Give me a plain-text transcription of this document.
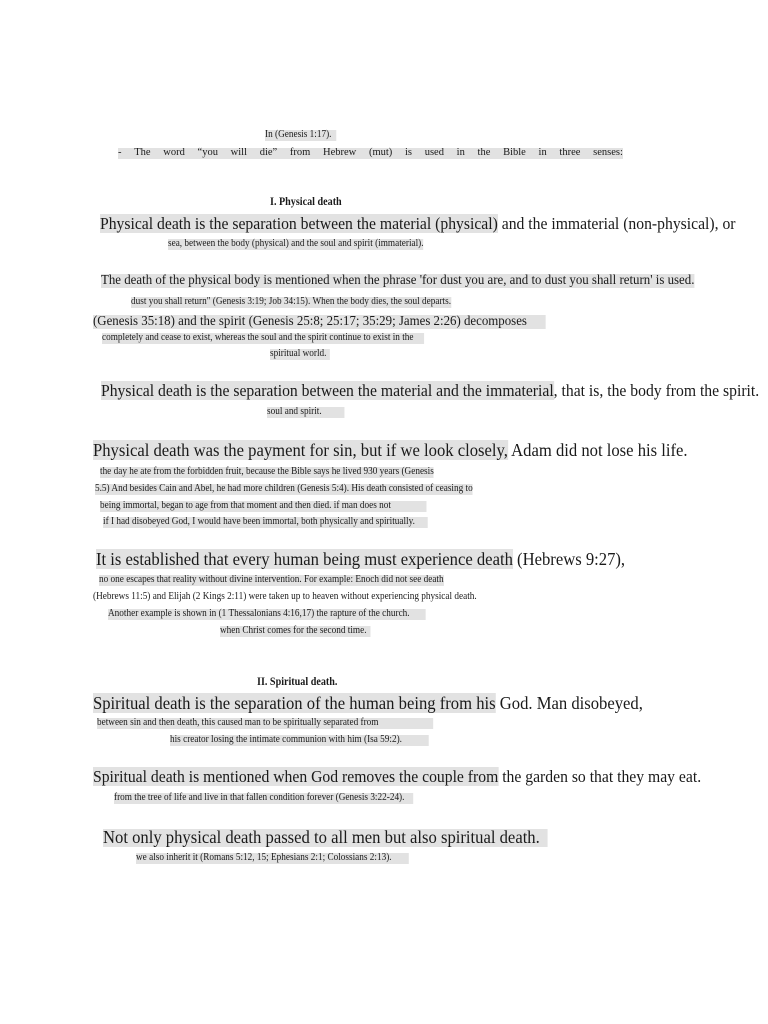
In (Genesis 1:17).
- The word “you will die” from Hebrew (mut) is used in the Bible in three senses:
I. Physical death
Physical death is the separation between the material (physical) and the immaterial (non-physical), or
sea, between the body (physical) and the soul and spirit (immaterial).
The death of the physical body is mentioned when the phrase 'for dust you are, and to dust you shall return' is used.
dust you shall return" (Genesis 3:19; Job 34:15). When the body dies, the soul departs.
(Genesis 35:18) and the spirit (Genesis 25:8; 25:17; 35:29; James 2:26) decomposes
completely and cease to exist, whereas the soul and the spirit continue to exist in the
spiritual world.
Physical death is the separation between the material and the immaterial, that is, the body from the spirit.
soul and spirit.
Physical death was the payment for sin, but if we look closely, Adam did not lose his life.
the day he ate from the forbidden fruit, because the Bible says he lived 930 years (Genesis
5.5) And besides Cain and Abel, he had more children (Genesis 5:4). His death consisted of ceasing to
being immortal, began to age from that moment and then died. if man does not
if I had disobeyed God, I would have been immortal, both physically and spiritually.
It is established that every human being must experience death (Hebrews 9:27),
no one escapes that reality without divine intervention. For example: Enoch did not see death
(Hebrews 11:5) and Elijah (2 Kings 2:11) were taken up to heaven without experiencing physical death.
Another example is shown in (1 Thessalonians 4:16,17) the rapture of the church.
when Christ comes for the second time.
II. Spiritual death.
Spiritual death is the separation of the human being from his God. Man disobeyed,
between sin and then death, this caused man to be spiritually separated from
his creator losing the intimate communion with him (Isa 59:2).
Spiritual death is mentioned when God removes the couple from the garden so that they may eat.
from the tree of life and live in that fallen condition forever (Genesis 3:22-24).
Not only physical death passed to all men but also spiritual death.
we also inherit it (Romans 5:12, 15; Ephesians 2:1; Colossians 2:13).
